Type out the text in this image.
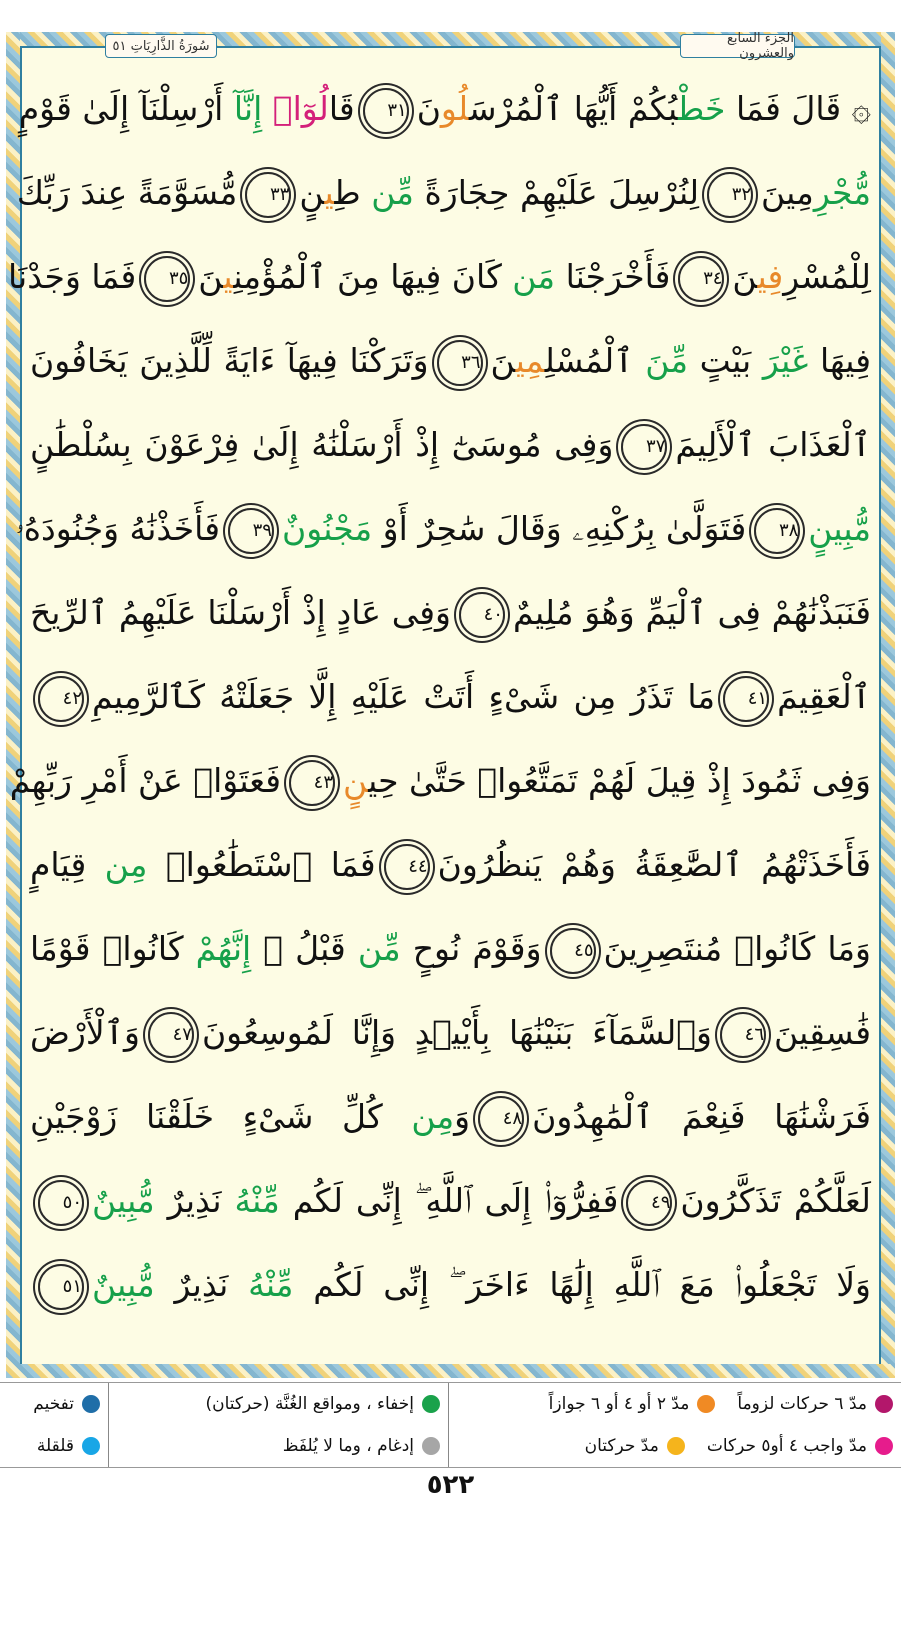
سُورَةُ الذَّارِيَاتِ ٥١	الجزء السابع والعشرون
۞ قَالَ فَمَا خَطْبُكُمْ أَيُّهَا ٱلْمُرْسَلُونَ٣١قَالُوٓا۟ إِنَّآ أَرْسِلْنَآ إِلَىٰ قَوْمٍ
مُّجْرِمِينَ٣٢لِنُرْسِلَ عَلَيْهِمْ حِجَارَةً مِّن طِينٍ٣٣مُّسَوَّمَةً عِندَ رَبِّكَ
لِلْمُسْرِفِينَ٣٤فَأَخْرَجْنَا مَن كَانَ فِيهَا مِنَ ٱلْمُؤْمِنِينَ٣٥فَمَا وَجَدْنَا
فِيهَا غَيْرَ بَيْتٍ مِّنَ ٱلْمُسْلِمِينَ٣٦وَتَرَكْنَا فِيهَآ ءَايَةً لِّلَّذِينَ يَخَافُونَ
ٱلْعَذَابَ ٱلْأَلِيمَ٣٧وَفِى مُوسَىٰٓ إِذْ أَرْسَلْنَٰهُ إِلَىٰ فِرْعَوْنَ بِسُلْطَٰنٍ
مُّبِينٍ٣٨فَتَوَلَّىٰ بِرُكْنِهِۦ وَقَالَ سَٰحِرٌ أَوْ مَجْنُونٌ٣٩فَأَخَذْنَٰهُ وَجُنُودَهُۥ
فَنَبَذْنَٰهُمْ فِى ٱلْيَمِّ وَهُوَ مُلِيمٌ٤٠وَفِى عَادٍ إِذْ أَرْسَلْنَا عَلَيْهِمُ ٱلرِّيحَ
ٱلْعَقِيمَ٤١مَا تَذَرُ مِن شَىْءٍ أَتَتْ عَلَيْهِ إِلَّا جَعَلَتْهُ كَٱلرَّمِيمِ٤٢
وَفِى ثَمُودَ إِذْ قِيلَ لَهُمْ تَمَتَّعُوا۟ حَتَّىٰ حِينٍ٤٣فَعَتَوْا۟ عَنْ أَمْرِ رَبِّهِمْ
فَأَخَذَتْهُمُ ٱلصَّٰعِقَةُ وَهُمْ يَنظُرُونَ٤٤فَمَا ٱسْتَطَٰعُوا۟ مِن قِيَامٍ
وَمَا كَانُوا۟ مُنتَصِرِينَ٤٥وَقَوْمَ نُوحٍ مِّن قَبْلُ ۖ إِنَّهُمْ كَانُوا۟ قَوْمًا
فَٰسِقِينَ٤٦وَٱلسَّمَآءَ بَنَيْنَٰهَا بِأَيْي۟دٍ وَإِنَّا لَمُوسِعُونَ٤٧وَٱلْأَرْضَ
فَرَشْنَٰهَا فَنِعْمَ ٱلْمَٰهِدُونَ٤٨وَمِن كُلِّ شَىْءٍ خَلَقْنَا زَوْجَيْنِ
لَعَلَّكُمْ تَذَكَّرُونَ٤٩فَفِرُّوٓا۟ إِلَى ٱللَّهِ ۖ إِنِّى لَكُم مِّنْهُ نَذِيرٌ مُّبِينٌ٥٠
وَلَا تَجْعَلُوا۟ مَعَ ٱللَّهِ إِلَٰهًا ءَاخَرَ ۖ إِنِّى لَكُم مِّنْهُ نَذِيرٌ مُّبِينٌ٥١
مدّ ٦ حركات لزوماً
مدّ ٢ أو ٤ أو ٦ جوازاً
مدّ واجب ٤ أو٥ حركات
مدّ حركتان
إخفاء ، ومواقع الغُنَّة (حركتان)
إدغام ، وما لا يُلفَظ
تفخيم
قلقلة
٥٢٢
